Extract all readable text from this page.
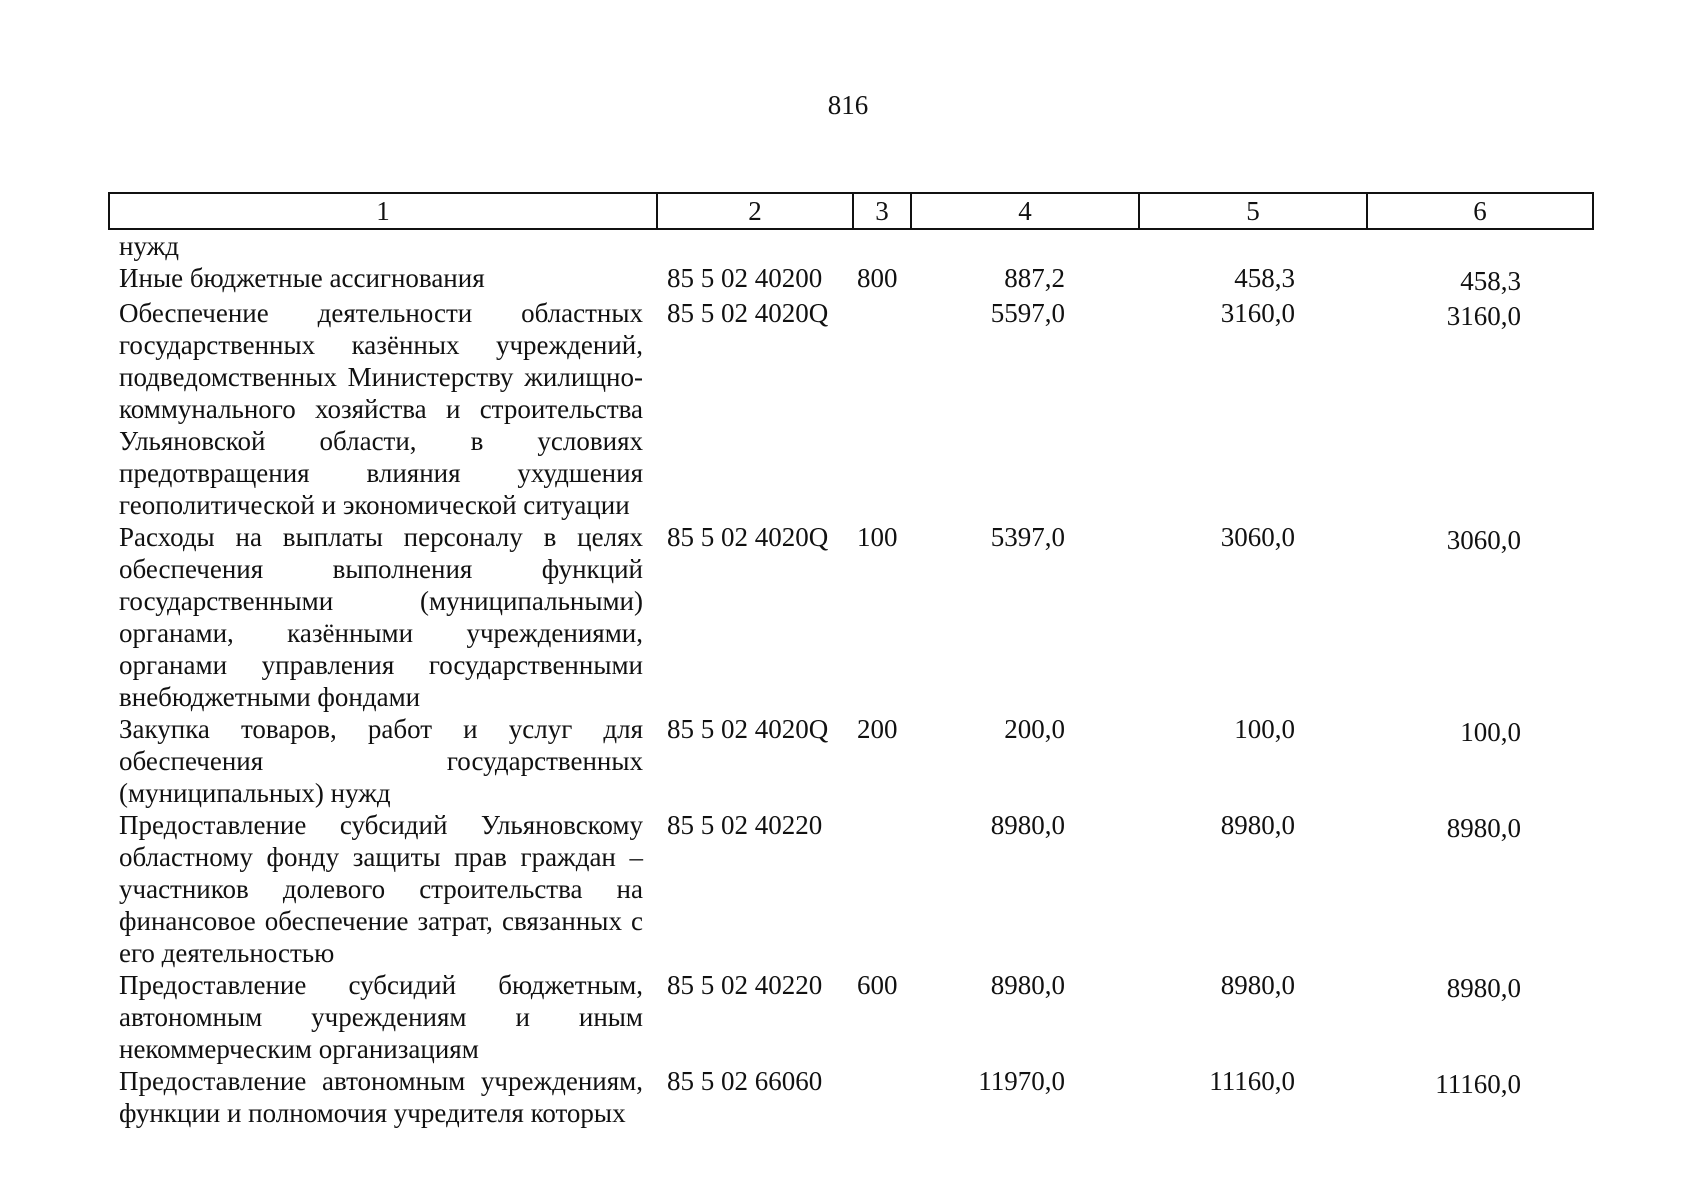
816
1	2	3	4	5	6
нужд					
Иные бюджетные ассигнования	85 5 02 40200	800	887,2	458,3	458,3
Обеспечение деятельности областных государственных казённых учреждений, подведомственных Министерству жилищно-коммунального хозяйства и строительства Ульяновской области, в условиях предотвращения влияния ухудшения геополитической и экономической ситуации	85 5 02 4020Q		5597,0	3160,0	3160,0
Расходы на выплаты персоналу в целях обеспечения выполнения функций государственными (муниципальными) органами, казёнными учреждениями, органами управления государственными внебюджетными фондами	85 5 02 4020Q	100	5397,0	3060,0	3060,0
Закупка товаров, работ и услуг для обеспечения государственных (муниципальных) нужд	85 5 02 4020Q	200	200,0	100,0	100,0
Предоставление субсидий Ульяновскому областному фонду защиты прав граждан – участников долевого строительства на финансовое обеспечение затрат, связанных с его деятельностью	85 5 02 40220		8980,0	8980,0	8980,0
Предоставление субсидий бюджетным, автономным учреждениям и иным некоммерческим организациям	85 5 02 40220	600	8980,0	8980,0	8980,0
Предоставление автономным учреждениям, функции и полномочия учредителя которых	85 5 02 66060		11970,0	11160,0	11160,0
